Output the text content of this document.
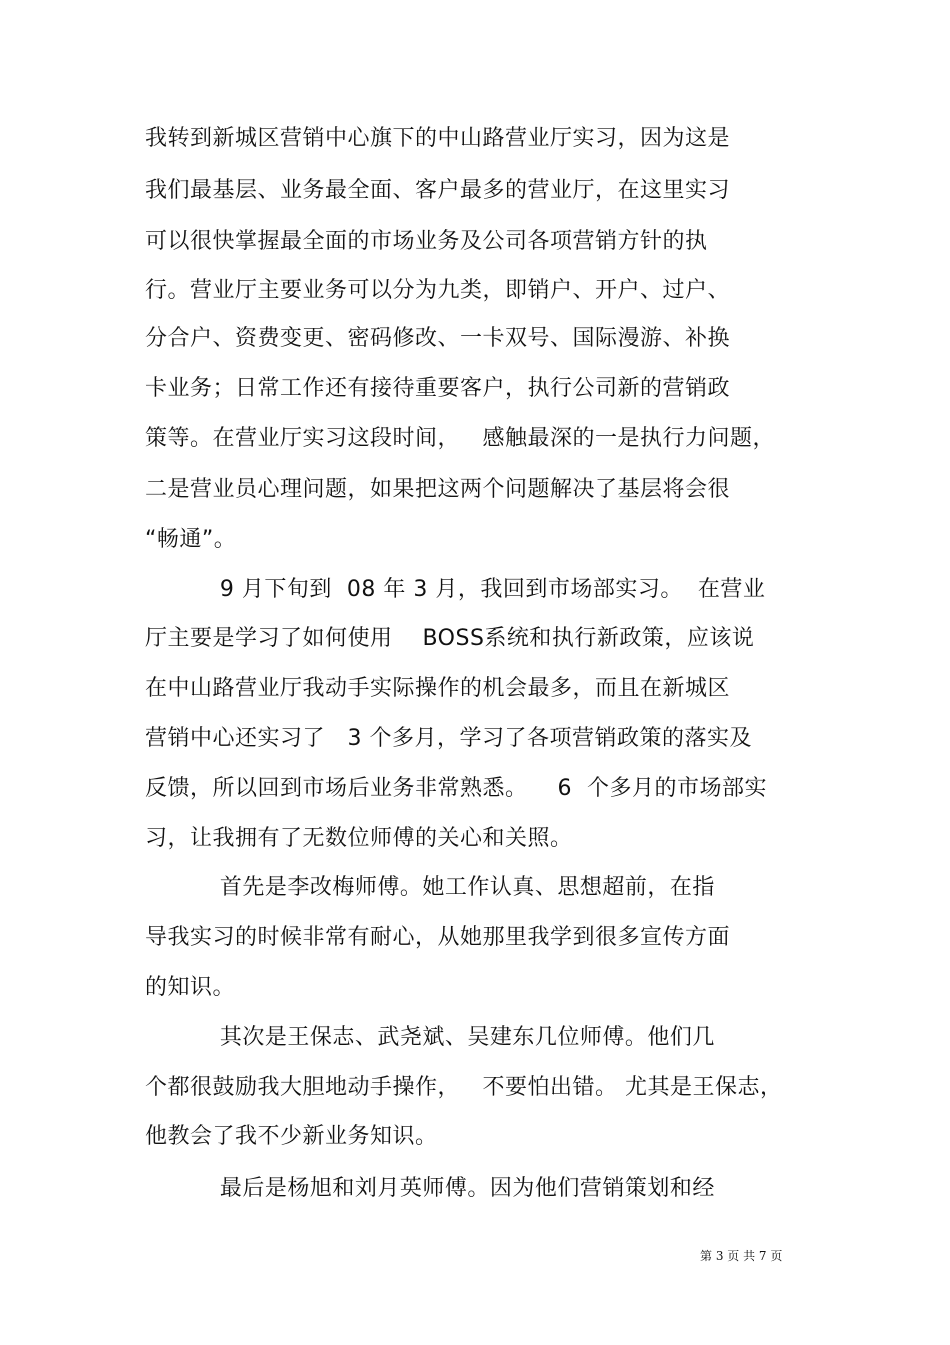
我转到新城区营销中心旗下的中山路营业厅实习，因为这是
我们最基层、业务最全面、客户最多的营业厅，在这里实习
可以很快掌握最全面的市场业务及公司各项营销方针的执
行。营业厅主要业务可以分为九类，即销户、开户、过户、
分合户、资费变更、密码修改、一卡双号、国际漫游、补换
卡业务；日常工作还有接待重要客户，执行公司新的营销政
策等。在营业厅实习这段时间，   感触最深的一是执行力问题，
二是营业员心理问题，如果把这两个问题解决了基层将会很
“畅通”。
9 月下旬到  08 年 3 月，我回到市场部实习。  在营业
厅主要是学习了如何使用    BOSS系统和执行新政策，应该说
在中山路营业厅我动手实际操作的机会最多，而且在新城区
营销中心还实习了   3 个多月，学习了各项营销政策的落实及
反馈，所以回到市场后业务非常熟悉。    6  个多月的市场部实
习，让我拥有了无数位师傅的关心和关照。
首先是李改梅师傅。她工作认真、思想超前，在指
导我实习的时候非常有耐心，从她那里我学到很多宣传方面
的知识。
其次是王保志、武尧斌、吴建东几位师傅。他们几
个都很鼓励我大胆地动手操作，   不要怕出错。 尤其是王保志，
他教会了我不少新业务知识。
最后是杨旭和刘月英师傅。因为他们营销策划和经
第 3 页 共 7 页
